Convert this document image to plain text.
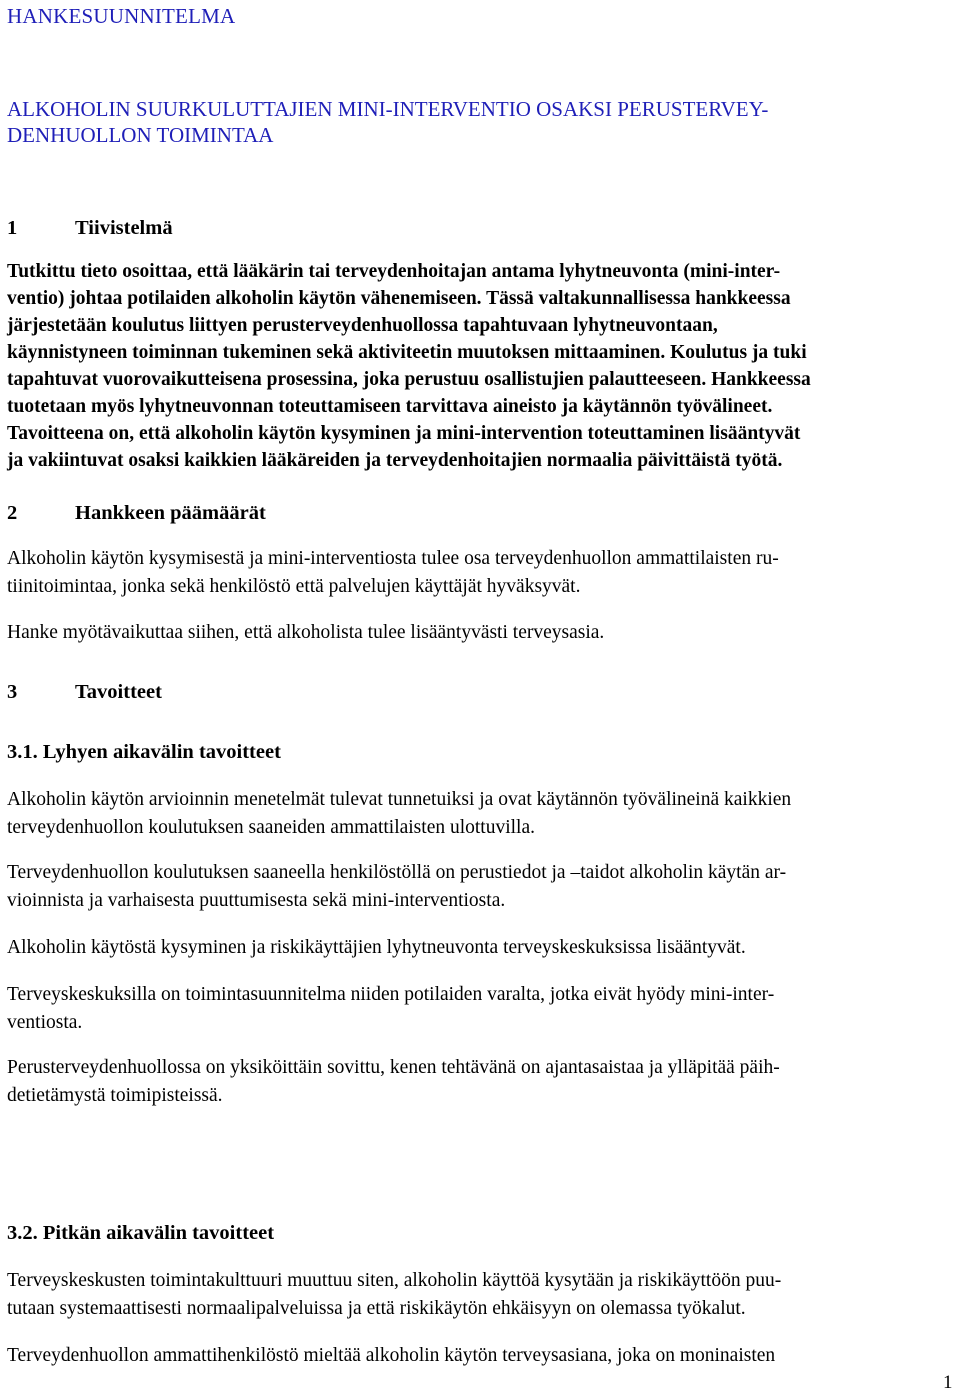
HANKESUUNNITELMA
ALKOHOLIN SUURKULUTTAJIEN MINI-INTERVENTIO OSAKSI PERUSTERVEY-
DENHUOLLON TOIMINTAA
1	Tiivistelmä
Tutkittu tieto osoittaa, että lääkärin tai terveydenhoitajan antama lyhytneuvonta (mini-inter-
ventio) johtaa potilaiden alkoholin käytön vähenemiseen. Tässä valtakunnallisessa hankkeessa
järjestetään koulutus liittyen perusterveydenhuollossa tapahtuvaan lyhytneuvontaan,
käynnistyneen toiminnan tukeminen sekä aktiviteetin muutoksen mittaaminen. Koulutus ja tuki
tapahtuvat vuorovaikutteisena prosessina, joka perustuu osallistujien palautteeseen. Hankkeessa
tuotetaan myös lyhytneuvonnan toteuttamiseen tarvittava aineisto ja käytännön työvälineet.
Tavoitteena on, että alkoholin käytön kysyminen ja mini-intervention toteuttaminen lisääntyvät
ja vakiintuvat osaksi kaikkien lääkäreiden ja terveydenhoitajien normaalia päivittäistä työtä.
2	Hankkeen päämäärät
Alkoholin käytön kysymisestä ja mini-interventiosta tulee osa terveydenhuollon ammattilaisten ru-
tiinitoimintaa, jonka sekä henkilöstö että palvelujen käyttäjät hyväksyvät.
Hanke myötävaikuttaa siihen, että alkoholista tulee lisääntyvästi terveysasia.
3	Tavoitteet
3.1. Lyhyen aikavälin tavoitteet
Alkoholin käytön arvioinnin menetelmät tulevat tunnetuiksi ja ovat käytännön työvälineinä kaikkien
terveydenhuollon koulutuksen saaneiden ammattilaisten ulottuvilla.
Terveydenhuollon koulutuksen saaneella henkilöstöllä on perustiedot ja –taidot alkoholin käytän ar-
vioinnista ja varhaisesta puuttumisesta sekä mini-interventiosta.
Alkoholin käytöstä kysyminen ja riskikäyttäjien lyhytneuvonta terveyskeskuksissa lisääntyvät.
Terveyskeskuksilla on toimintasuunnitelma niiden potilaiden varalta, jotka eivät hyödy mini-inter-
ventiosta.
Perusterveydenhuollossa on yksiköittäin sovittu, kenen tehtävänä on ajantasaistaa ja ylläpitää päih-
detietämystä toimipisteissä.
3.2. Pitkän aikavälin tavoitteet
Terveyskeskusten toimintakulttuuri muuttuu siten, alkoholin käyttöä kysytään ja riskikäyttöön puu-
tutaan systemaattisesti normaalipalveluissa ja että riskikäytön ehkäisyyn on olemassa työkalut.
Terveydenhuollon ammattihenkilöstö mieltää alkoholin käytön terveysasiana, joka on moninaisten
1
